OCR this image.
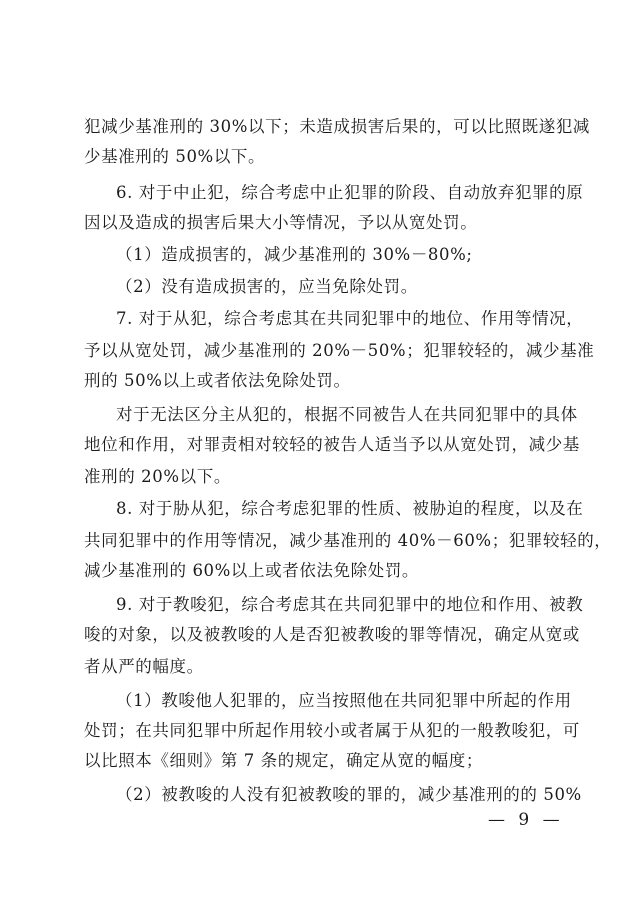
犯减少基准刑的 30%以下；未造成损害后果的，可以比照既遂犯减
少基准刑的 50%以下。
6. 对于中止犯，综合考虑中止犯罪的阶段、自动放弃犯罪的原
因以及造成的损害后果大小等情况，予以从宽处罚。
（1）造成损害的，减少基准刑的 30%－80%;
（2）没有造成损害的，应当免除处罚。
7. 对于从犯，综合考虑其在共同犯罪中的地位、作用等情况，
予以从宽处罚，减少基准刑的 20%－50%；犯罪较轻的，减少基准
刑的 50%以上或者依法免除处罚。
对于无法区分主从犯的，根据不同被告人在共同犯罪中的具体
地位和作用，对罪责相对较轻的被告人适当予以从宽处罚，减少基
准刑的 20%以下。
8. 对于胁从犯，综合考虑犯罪的性质、被胁迫的程度，以及在
共同犯罪中的作用等情况，减少基准刑的 40%－60%；犯罪较轻的，
减少基准刑的 60%以上或者依法免除处罚。
9. 对于教唆犯，综合考虑其在共同犯罪中的地位和作用、被教
唆的对象，以及被教唆的人是否犯被教唆的罪等情况，确定从宽或
者从严的幅度。
（1）教唆他人犯罪的，应当按照他在共同犯罪中所起的作用
处罚；在共同犯罪中所起作用较小或者属于从犯的一般教唆犯，可
以比照本《细则》第 7 条的规定，确定从宽的幅度；
（2）被教唆的人没有犯被教唆的罪的，减少基准刑的的 50%
— 9 —
